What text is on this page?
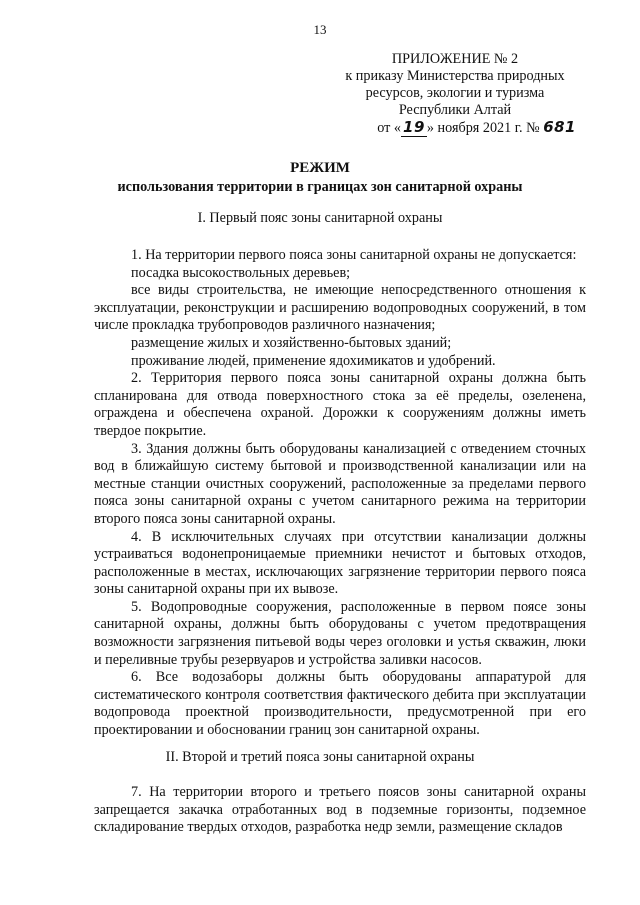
13
ПРИЛОЖЕНИЕ № 2
к приказу Министерства природных
ресурсов, экологии и туризма
Республики Алтай
от « 19 » ноября 2021 г. № 681
РЕЖИМ
использования территории в границах зон санитарной охраны
I. Первый пояс зоны санитарной охраны

1. На территории первого пояса зоны санитарной охраны не допускается:

посадка высокоствольных деревьев;

все виды строительства, не имеющие непосредственного отношения к эксплуатации, реконструкции и расширению водопроводных сооружений, в том числе прокладка трубопроводов различного назначения;

размещение жилых и хозяйственно-бытовых зданий;

проживание людей, применение ядохимикатов и удобрений.

2. Территория первого пояса зоны санитарной охраны должна быть спланирована для отвода поверхностного стока за её пределы, озеленена, ограждена и обеспечена охраной. Дорожки к сооружениям должны иметь твердое покрытие.

3. Здания должны быть оборудованы канализацией с отведением сточных вод в ближайшую систему бытовой и производственной канализации или на местные станции очистных сооружений, расположенные за пределами первого пояса зоны санитарной охраны с учетом санитарного режима на территории второго пояса зоны санитарной охраны.

4. В исключительных случаях при отсутствии канализации должны устраиваться водонепроницаемые приемники нечистот и бытовых отходов, расположенные в местах, исключающих загрязнение территории первого пояса зоны санитарной охраны при их вывозе.

5. Водопроводные сооружения, расположенные в первом поясе зоны санитарной охраны, должны быть оборудованы с учетом предотвращения возможности загрязнения питьевой воды через оголовки и устья скважин, люки и переливные трубы резервуаров и устройства заливки насосов.

6. Все водозаборы должны быть оборудованы аппаратурой для систематического контроля соответствия фактического дебита при эксплуатации водопровода проектной производительности, предусмотренной при его проектировании и обосновании границ зон санитарной охраны.

II. Второй и третий пояса зоны санитарной охраны

7. На территории второго и третьего поясов зоны санитарной охраны запрещается закачка отработанных вод в подземные горизонты, подземное складирование твердых отходов, разработка недр земли, размещение складов
